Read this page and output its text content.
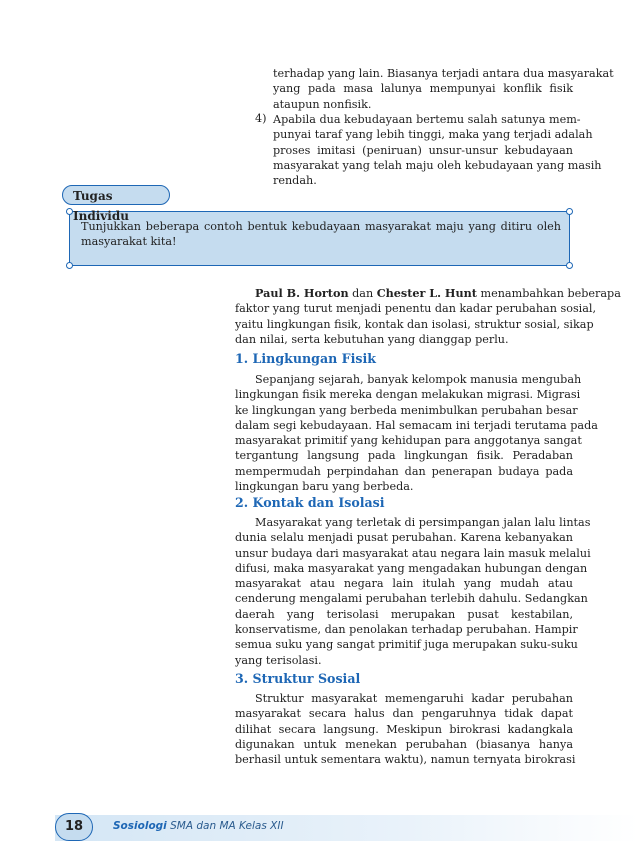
terhadap yang lain. Biasanya terjadi antara dua masyarakat
yang pada masa lalunya mempunyai konflik fisik
ataupun nonfisik.
4) Apabila dua kebudayaan bertemu salah satunya mem-
punyai taraf yang lebih tinggi, maka yang terjadi adalah
proses imitasi (peniruan) unsur-unsur kebudayaan
masyarakat yang telah maju oleh kebudayaan yang masih
rendah.
Tugas Individu
Tunjukkan beberapa contoh bentuk kebudayaan masyarakat maju yang ditiru oleh
masyarakat kita!
Paul B. Horton dan Chester L. Hunt menambahkan beberapa
faktor yang turut menjadi penentu dan kadar perubahan sosial,
yaitu lingkungan fisik, kontak dan isolasi, struktur sosial, sikap
dan nilai, serta kebutuhan yang dianggap perlu.
1. Lingkungan Fisik
Sepanjang sejarah, banyak kelompok manusia mengubah
lingkungan fisik mereka dengan melakukan migrasi. Migrasi
ke lingkungan yang berbeda menimbulkan perubahan besar
dalam segi kebudayaan. Hal semacam ini terjadi terutama pada
masyarakat primitif yang kehidupan para anggotanya sangat
tergantung langsung pada lingkungan fisik. Peradaban
mempermudah perpindahan dan penerapan budaya pada
lingkungan baru yang berbeda.
2. Kontak dan Isolasi
Masyarakat yang terletak di persimpangan jalan lalu lintas
dunia selalu menjadi pusat perubahan. Karena kebanyakan
unsur budaya dari masyarakat atau negara lain masuk melalui
difusi, maka masyarakat yang mengadakan hubungan dengan
masyarakat atau negara lain itulah yang mudah atau
cenderung mengalami perubahan terlebih dahulu. Sedangkan
daerah yang terisolasi merupakan pusat kestabilan,
konservatisme, dan penolakan terhadap perubahan. Hampir
semua suku yang sangat primitif juga merupakan suku-suku
yang terisolasi.
3. Struktur Sosial
Struktur masyarakat memengaruhi kadar perubahan
masyarakat secara halus dan pengaruhnya tidak dapat
dilihat secara langsung. Meskipun birokrasi kadangkala
digunakan untuk menekan perubahan (biasanya hanya
berhasil untuk sementara waktu), namun ternyata birokrasi
18	Sosiologi SMA dan MA Kelas XII
